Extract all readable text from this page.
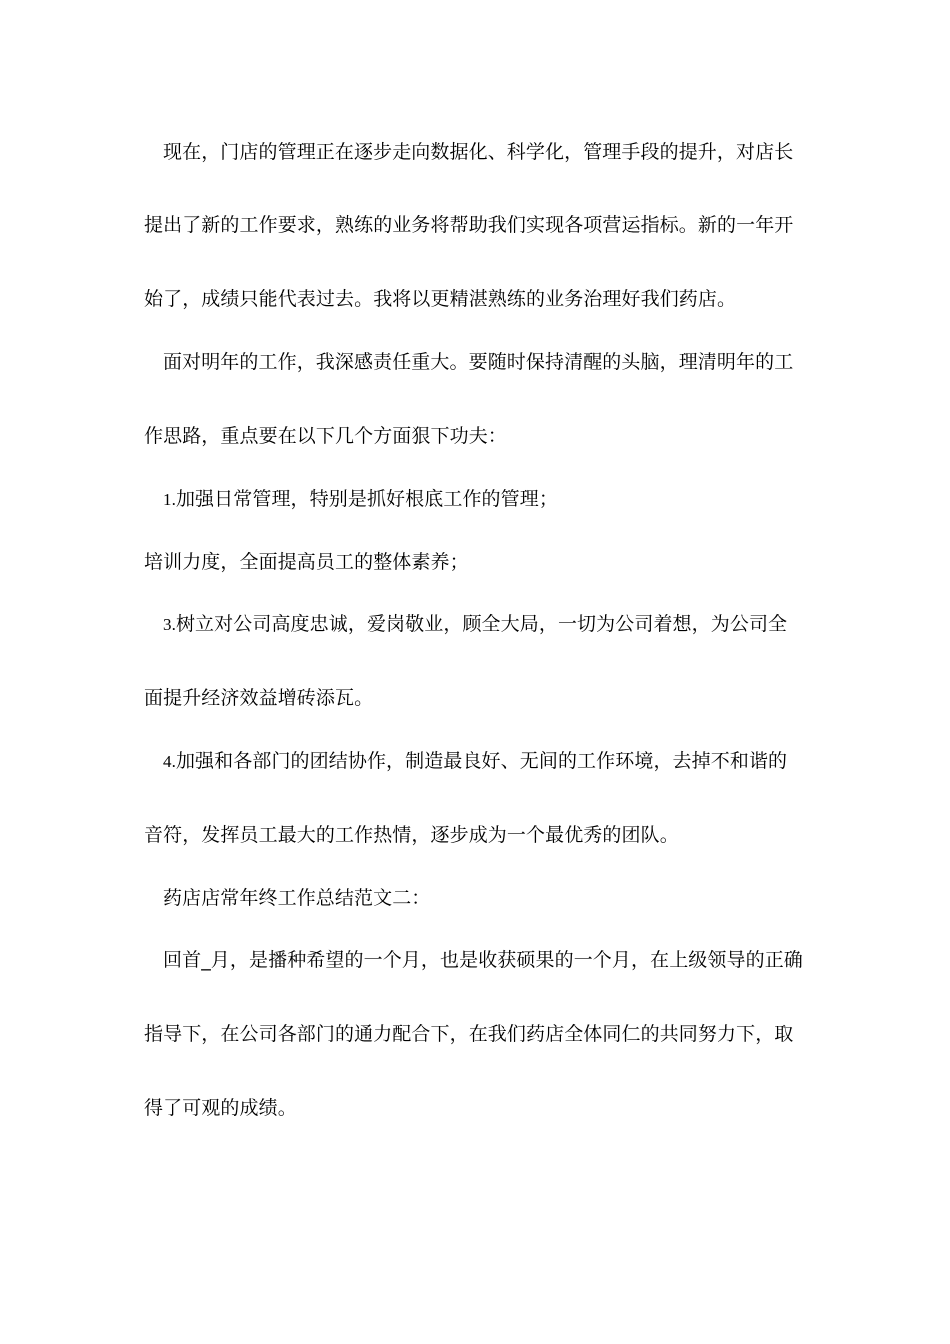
现在，门店的管理正在逐步走向数据化、科学化，管理手段的提升，对店长
提出了新的工作要求，熟练的业务将帮助我们实现各项营运指标。新的一年开
始了，成绩只能代表过去。我将以更精湛熟练的业务治理好我们药店。
面对明年的工作，我深感责任重大。要随时保持清醒的头脑，理清明年的工
作思路，重点要在以下几个方面狠下功夫：
1.加强日常管理，特别是抓好根底工作的管理；
培训力度，全面提高员工的整体素养；
3.树立对公司高度忠诚，爱岗敬业，顾全大局，一切为公司着想，为公司全
面提升经济效益增砖添瓦。
4.加强和各部门的团结协作，制造最良好、无间的工作环境，去掉不和谐的
音符，发挥员工最大的工作热情，逐步成为一个最优秀的团队。
药店店常年终工作总结范文二：
回首_月，是播种希望的一个月，也是收获硕果的一个月，在上级领导的正确
指导下，在公司各部门的通力配合下，在我们药店全体同仁的共同努力下，取
得了可观的成绩。
